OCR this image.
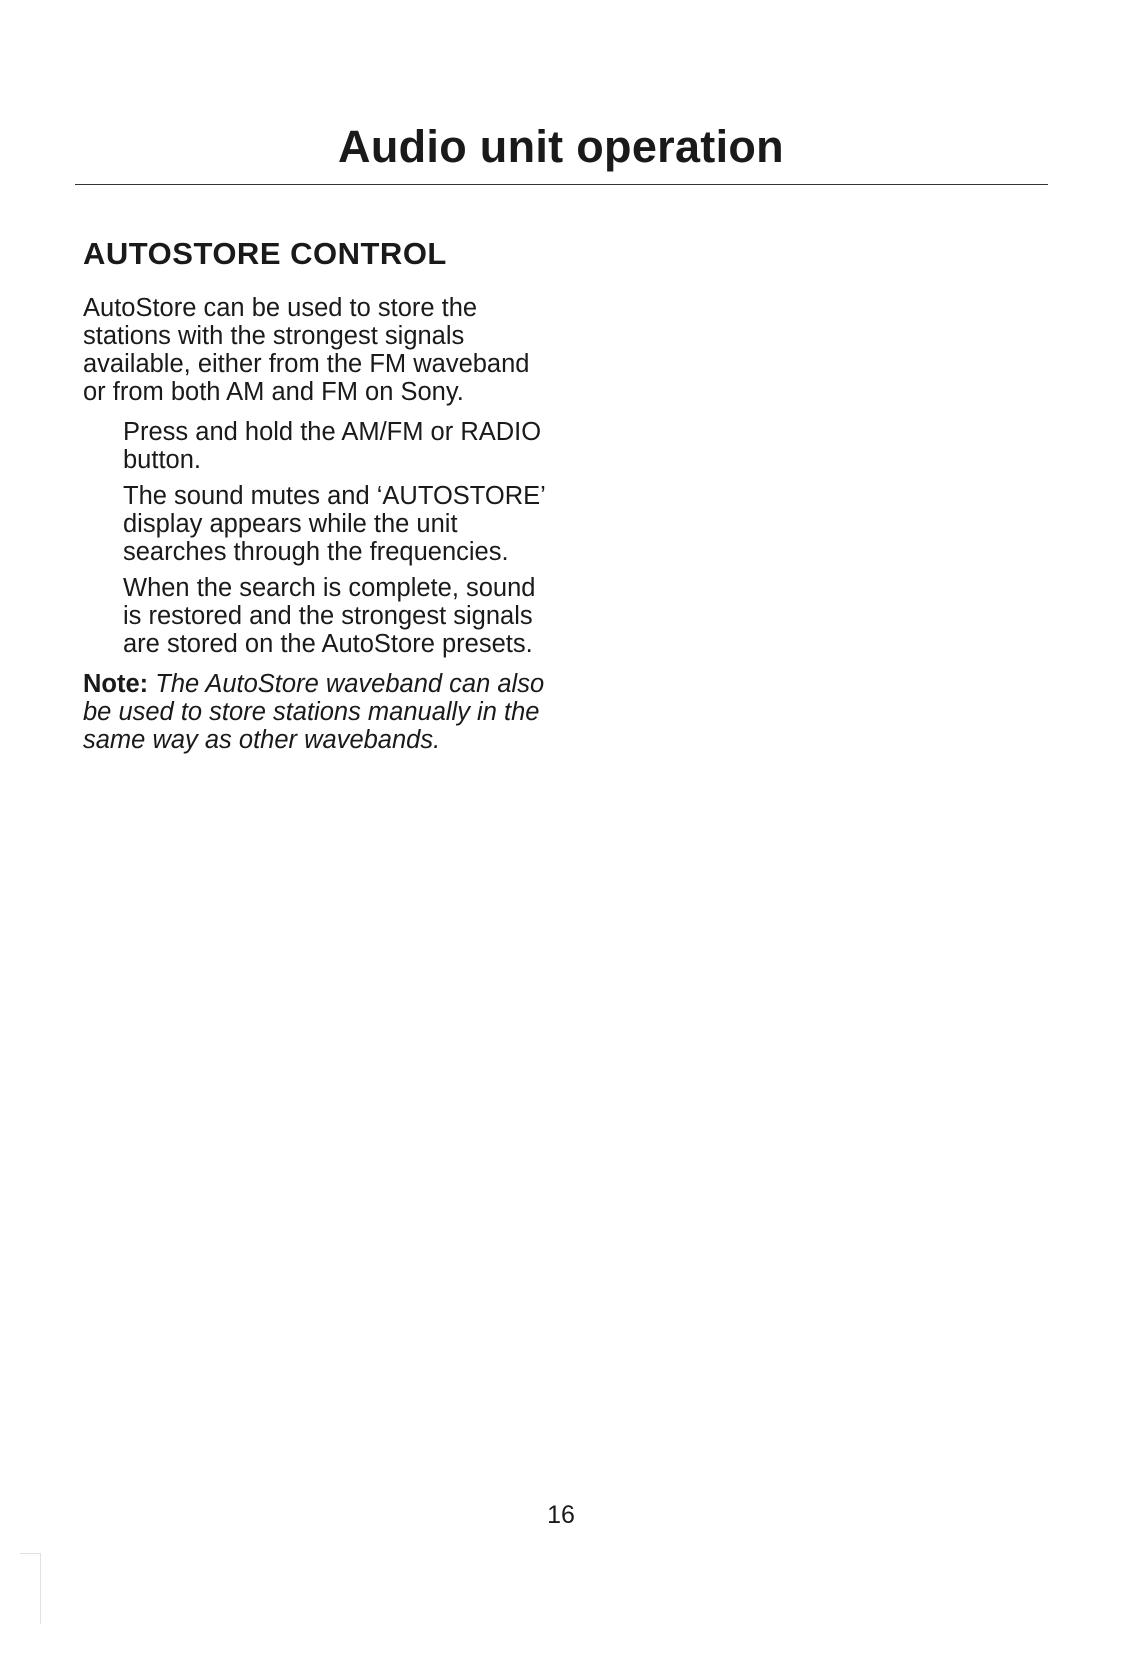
Audio unit operation
AUTOSTORE CONTROL

AutoStore can be used to store the stations with the strongest signals available, either from the FM waveband or from both AM and FM on Sony.

Press and hold the AM/FM or RADIO button.

The sound mutes and ‘AUTOSTORE’ display appears while the unit searches through the frequencies.

When the search is complete, sound is restored and the strongest signals are stored on the AutoStore presets.

Note: The AutoStore waveband can also be used to store stations manually in the same way as other wavebands.

16
